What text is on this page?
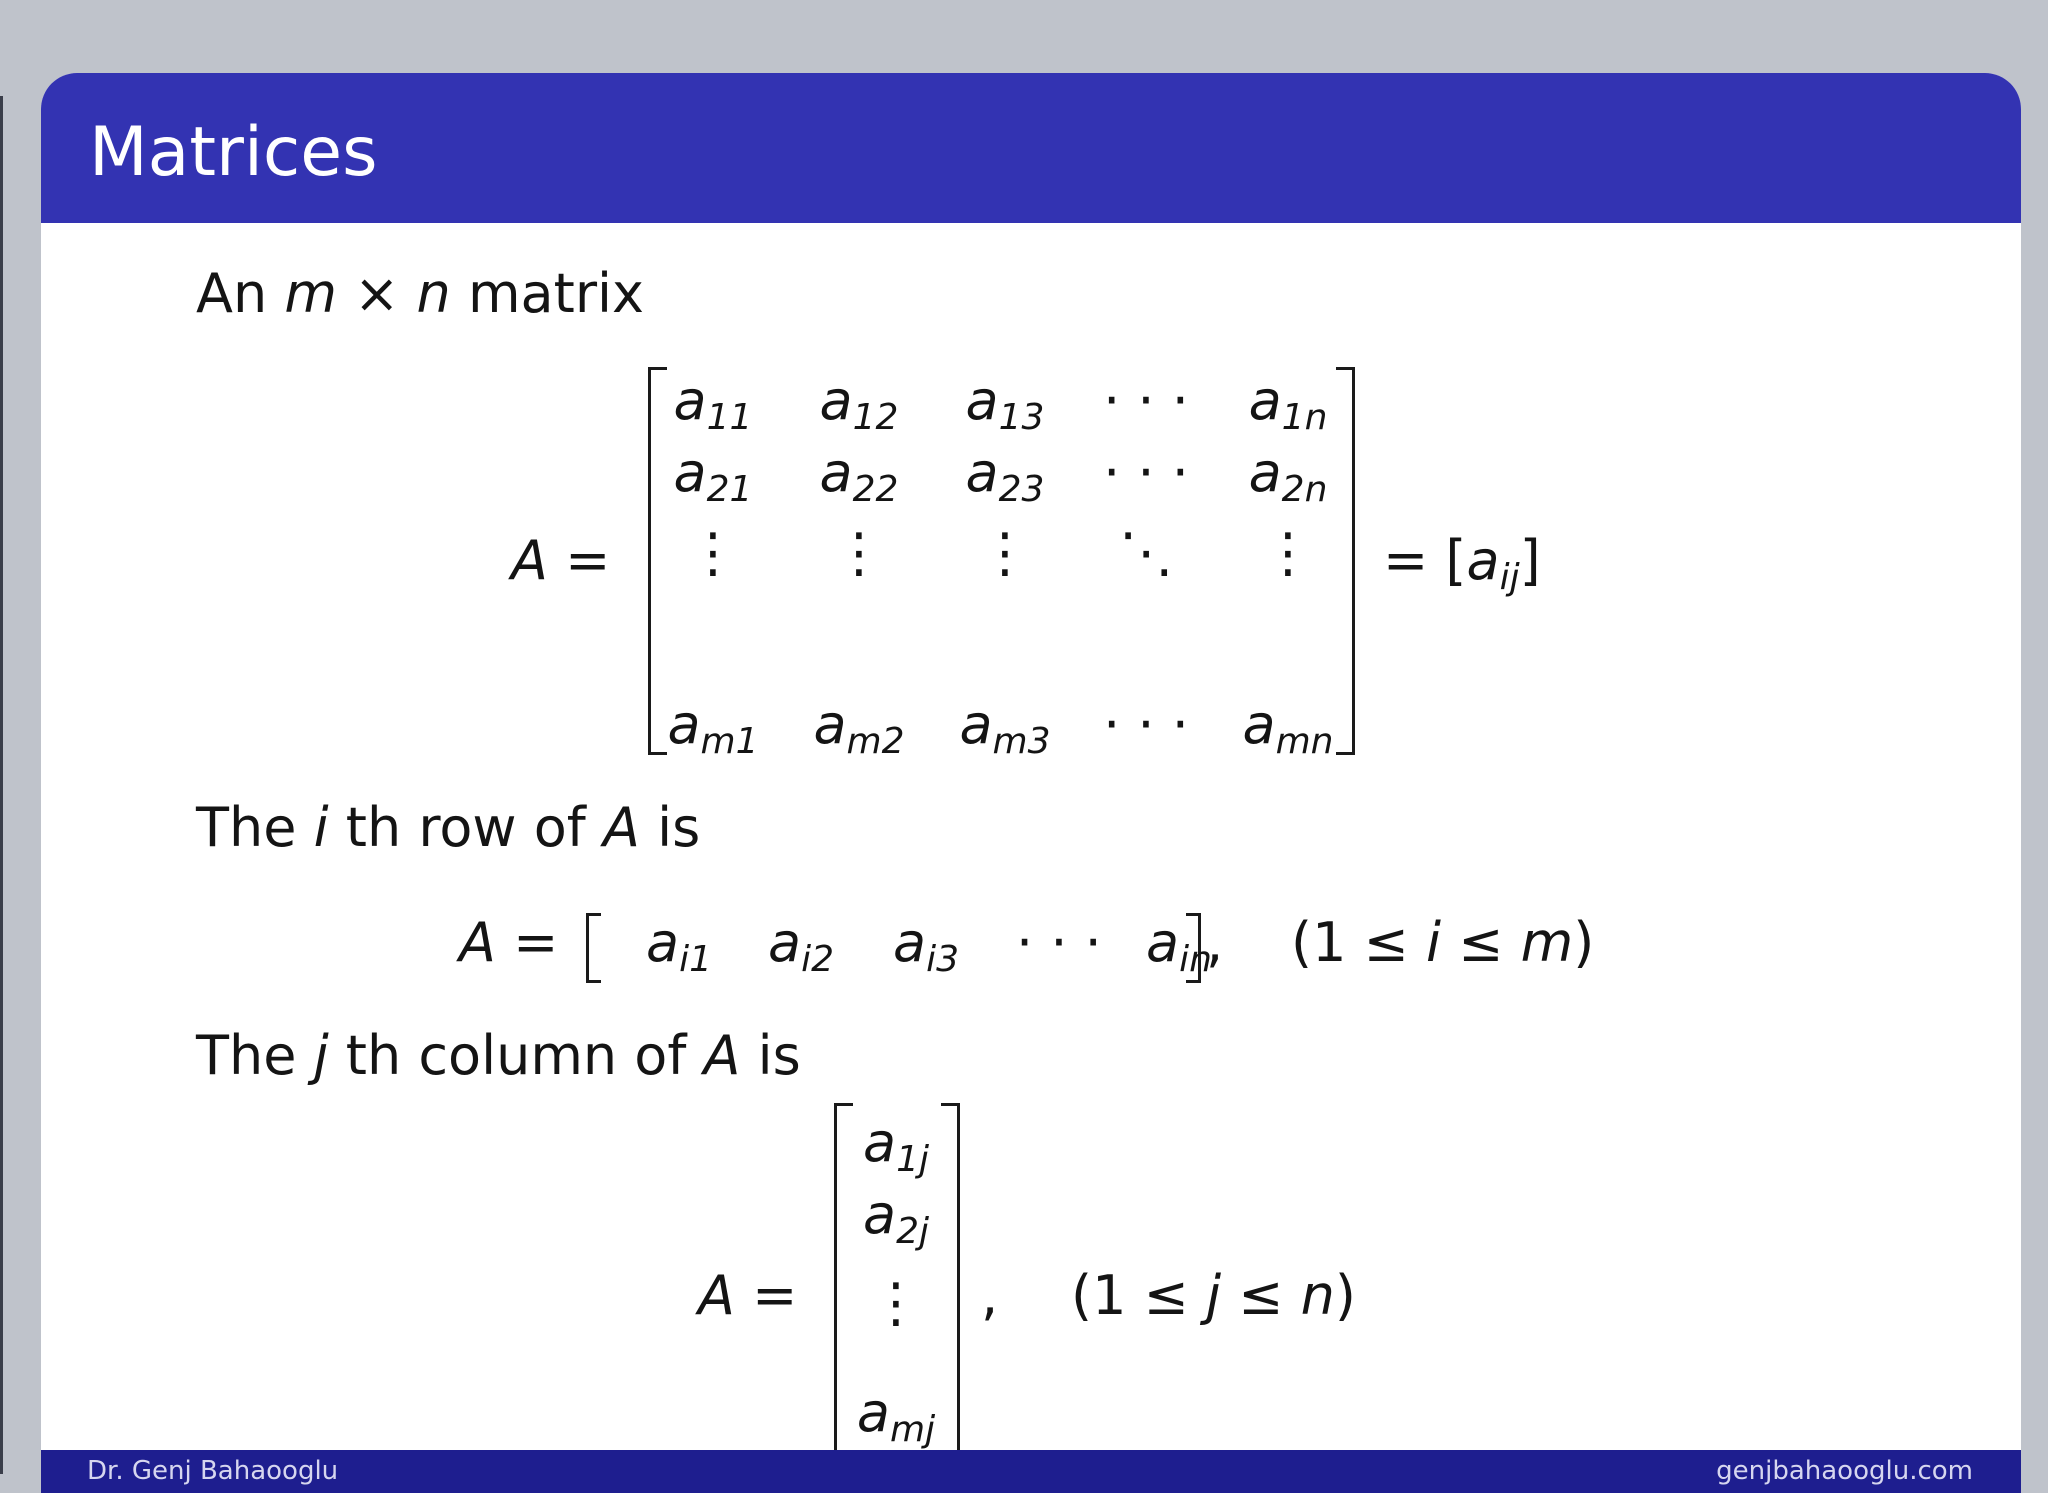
Matrices
An m × n matrix
A =	= $[a_{ij}]$
The i th row of A is
A =	, (1 ≤ i ≤ m)
The j th column of A is
A =	, (1 ≤ j ≤ n)
Dr. Genj Bahaooglu	genjbahaooglu.com
$a_{11}$ $a_{12}$ $a_{13}$ · · · $a_{1n}$
$a_{21}$ $a_{22}$ $a_{23}$ · · · $a_{2n}$
⋮ ⋮ ⋮ ⋱ ⋮
$a_{m1}$ $a_{m2}$ $a_{m3}$ · · · $a_{mn}$
$a_{i1}$ $a_{i2}$ $a_{i3}$ · · · $a_{in}$
$a_{1j}$
$a_{2j}$
⋮
$a_{mj}$
